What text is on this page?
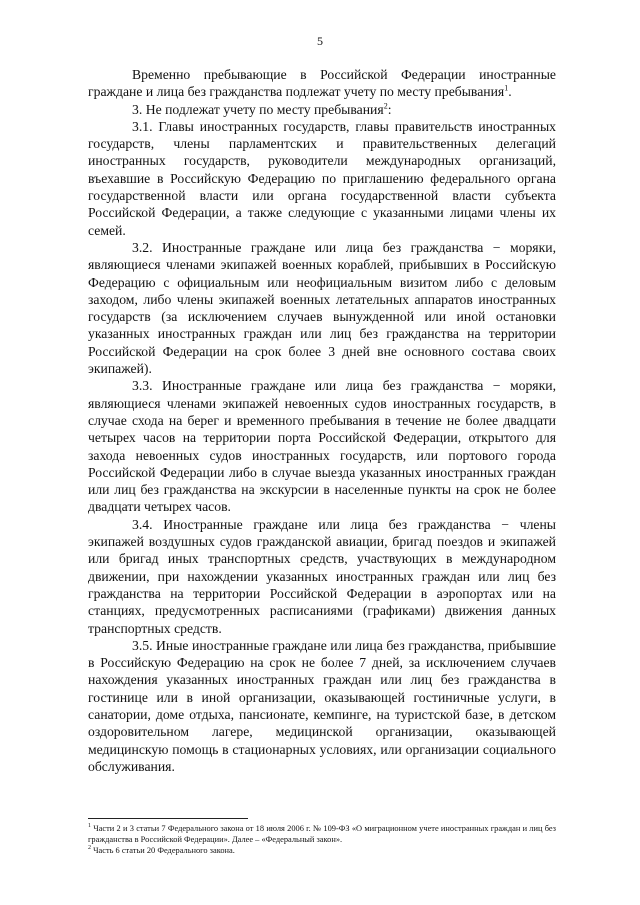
5

Временно пребывающие в Российской Федерации иностранные граждане и лица без гражданства подлежат учету по месту пребывания$^1$.

3. Не подлежат учету по месту пребывания$^2$:

3.1. Главы иностранных государств, главы правительств иностранных государств, члены парламентских и правительственных делегаций иностранных государств, руководители международных организаций, въехавшие в Российскую Федерацию по приглашению федерального органа государственной власти или органа государственной власти субъекта Российской Федерации, а также следующие с указанными лицами члены их семей.

3.2. Иностранные граждане или лица без гражданства − моряки, являющиеся членами экипажей военных кораблей, прибывших в Российскую Федерацию с официальным или неофициальным визитом либо с деловым заходом, либо члены экипажей военных летательных аппаратов иностранных государств (за исключением случаев вынужденной или иной остановки указанных иностранных граждан или лиц без гражданства на территории Российской Федерации на срок более 3 дней вне основного состава своих экипажей).

3.3. Иностранные граждане или лица без гражданства − моряки, являющиеся членами экипажей невоенных судов иностранных государств, в случае схода на берег и временного пребывания в течение не более двадцати четырех часов на территории порта Российской Федерации, открытого для захода невоенных судов иностранных государств, или портового города Российской Федерации либо в случае выезда указанных иностранных граждан или лиц без гражданства на экскурсии в населенные пункты на срок не более двадцати четырех часов.

3.4. Иностранные граждане или лица без гражданства − члены экипажей воздушных судов гражданской авиации, бригад поездов и экипажей или бригад иных транспортных средств, участвующих в международном движении, при нахождении указанных иностранных граждан или лиц без гражданства на территории Российской Федерации в аэропортах или на станциях, предусмотренных расписаниями (графиками) движения данных транспортных средств.

3.5. Иные иностранные граждане или лица без гражданства, прибывшие в Российскую Федерацию на срок не более 7 дней, за исключением случаев нахождения указанных иностранных граждан или лиц без гражданства в гостинице или в иной организации, оказывающей гостиничные услуги, в санатории, доме отдыха, пансионате, кемпинге, на туристской базе, в детском оздоровительном лагере, медицинской организации, оказывающей медицинскую помощь в стационарных условиях, или организации социального обслуживания.

$^1$ Части 2 и 3 статьи 7 Федерального закона от 18 июля 2006 г. № 109-ФЗ «О миграционном учете иностранных граждан и лиц без гражданства в Российской Федерации». Далее – «Федеральный закон».

$^2$ Часть 6 статьи 20 Федерального закона.
